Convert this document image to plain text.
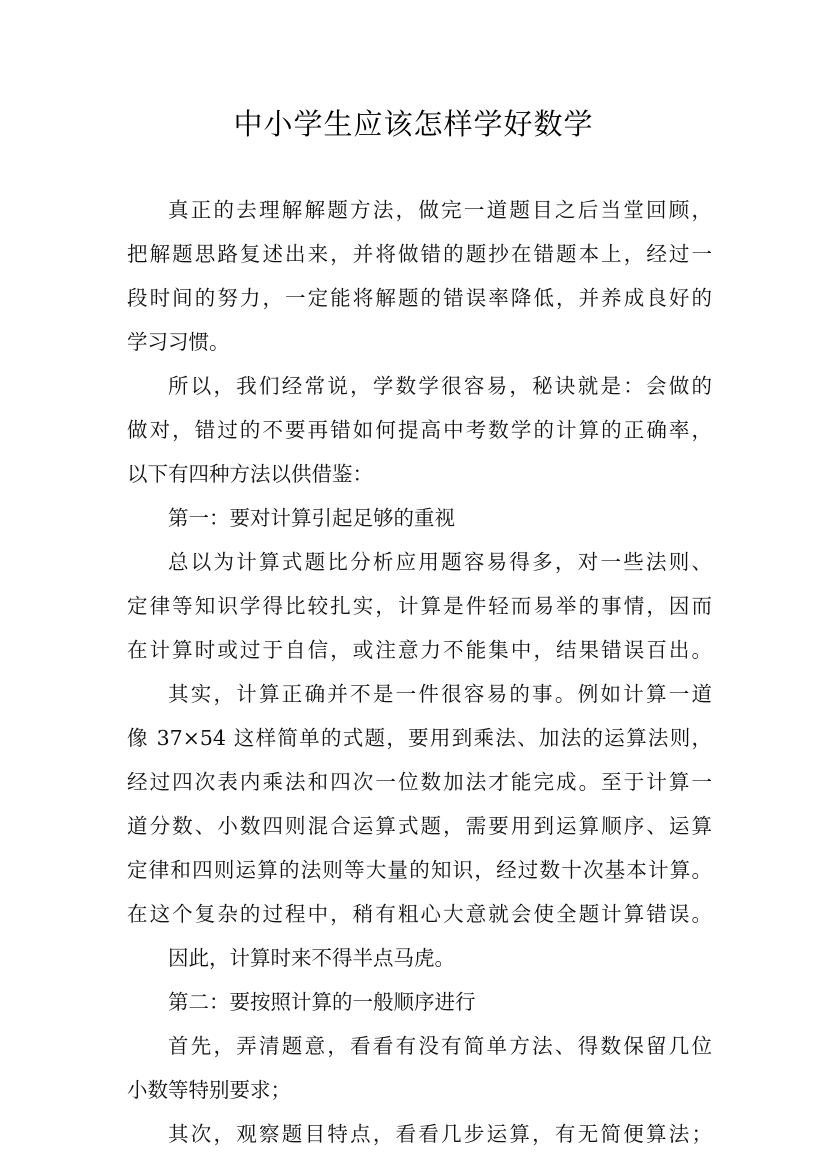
中小学生应该怎样学好数学
真正的去理解解题方法，做完一道题目之后当堂回顾，
把解题思路复述出来，并将做错的题抄在错题本上，经过一
段时间的努力，一定能将解题的错误率降低，并养成良好的
学习习惯。
所以，我们经常说，学数学很容易，秘诀就是：会做的
做对，错过的不要再错如何提高中考数学的计算的正确率，
以下有四种方法以供借鉴：
第一：要对计算引起足够的重视
总以为计算式题比分析应用题容易得多，对一些法则、
定律等知识学得比较扎实，计算是件轻而易举的事情，因而
在计算时或过于自信，或注意力不能集中，结果错误百出。
其实，计算正确并不是一件很容易的事。例如计算一道
像 37×54 这样简单的式题，要用到乘法、加法的运算法则，
经过四次表内乘法和四次一位数加法才能完成。至于计算一
道分数、小数四则混合运算式题，需要用到运算顺序、运算
定律和四则运算的法则等大量的知识，经过数十次基本计算。
在这个复杂的过程中，稍有粗心大意就会使全题计算错误。
因此，计算时来不得半点马虎。
第二：要按照计算的一般顺序进行
首先，弄清题意，看看有没有简单方法、得数保留几位
小数等特别要求；
其次，观察题目特点，看看几步运算，有无简便算法；
